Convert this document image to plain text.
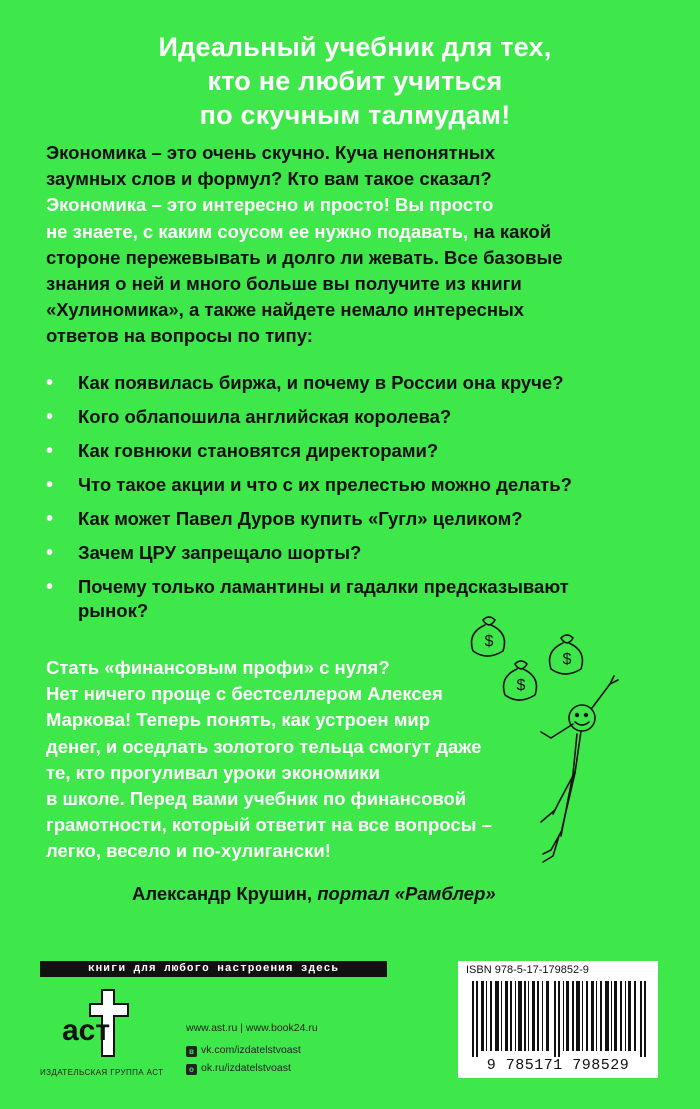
Идеальный учебник для тех,
кто не любит учиться
по скучным талмудам!
Экономика – это очень скучно. Куча непонятных
заумных слов и формул? Кто вам такое сказал?
Экономика – это интересно и просто! Вы просто
не знаете, с каким соусом ее нужно подавать, на какой
стороне пережевывать и долго ли жевать. Все базовые
знания о ней и много больше вы получите из книги
«Хулиномика», а также найдете немало интересных
ответов на вопросы по типу:
• Как появилась биржа, и почему в России она круче?
• Кого облапошила английская королева?
• Как говнюки становятся директорами?
• Что такое акции и что с их прелестью можно делать?
• Как может Павел Дуров купить «Гугл» целиком?
• Зачем ЦРУ запрещало шорты?
• Почему только ламантины и гадалки предсказывают
рынок?
$
$
$
Стать «финансовым профи» с нуля?
Нет ничего проще с бестселлером Алексея
Маркова! Теперь понять, как устроен мир
денег, и оседлать золотого тельца смогут даже
те, кто прогуливал уроки экономики
в школе. Перед вами учебник по финансовой
грамотности, который ответит на все вопросы –
легко, весело и по-хулигански!
Александр Крушин, портал «Рамблер»
книги для любого настроения здесь
аст
ИЗДАТЕЛЬСКАЯ ГРУППА АСТ
www.ast.ru | www.book24.ru
в vk.com/izdatelstvoast
о ok.ru/izdatelstvoast
ISBN 978-5-17-179852-9
9 785171 798529
